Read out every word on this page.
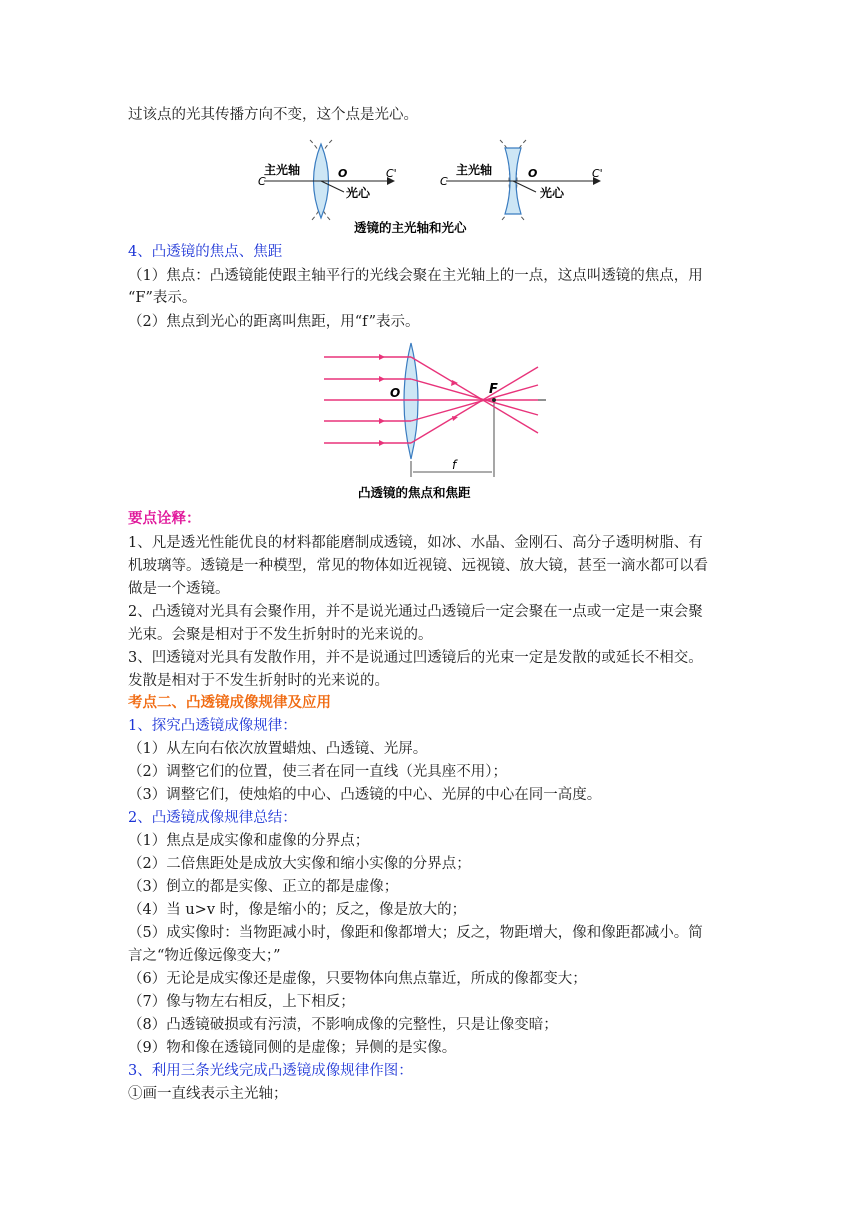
过该点的光其传播方向不变，这个点是光心。
C
C'
主光轴	O
光心
C
C'
主光轴	O
光心
透镜的主光轴和光心
4、凸透镜的焦点、焦距
（1）焦点：凸透镜能使跟主轴平行的光线会聚在主光轴上的一点，这点叫透镜的焦点，用
“F”表示。
（2）焦点到光心的距离叫焦距，用“f”表示。
O	F
f
凸透镜的焦点和焦距
要点诠释：
1、凡是透光性能优良的材料都能磨制成透镜，如冰、水晶、金刚石、高分子透明树脂、有
机玻璃等。透镜是一种模型，常见的物体如近视镜、远视镜、放大镜，甚至一滴水都可以看
做是一个透镜。
2、凸透镜对光具有会聚作用，并不是说光通过凸透镜后一定会聚在一点或一定是一束会聚
光束。会聚是相对于不发生折射时的光来说的。
3、凹透镜对光具有发散作用，并不是说通过凹透镜后的光束一定是发散的或延长不相交。
发散是相对于不发生折射时的光来说的。
考点二、凸透镜成像规律及应用
1、探究凸透镜成像规律：
（1）从左向右依次放置蜡烛、凸透镜、光屏。
（2）调整它们的位置，使三者在同一直线（光具座不用）；
（3）调整它们，使烛焰的中心、凸透镜的中心、光屏的中心在同一高度。
2、凸透镜成像规律总结：
（1）焦点是成实像和虚像的分界点；
（2）二倍焦距处是成放大实像和缩小实像的分界点；
（3）倒立的都是实像、正立的都是虚像；
（4）当 u>v 时，像是缩小的；反之，像是放大的；
（5）成实像时：当物距减小时，像距和像都增大；反之，物距增大，像和像距都减小。简
言之“物近像远像变大；”
（6）无论是成实像还是虚像，只要物体向焦点靠近，所成的像都变大；
（7）像与物左右相反，上下相反；
（8）凸透镜破损或有污渍，不影响成像的完整性，只是让像变暗；
（9）物和像在透镜同侧的是虚像；异侧的是实像。
3、利用三条光线完成凸透镜成像规律作图：
①画一直线表示主光轴；
